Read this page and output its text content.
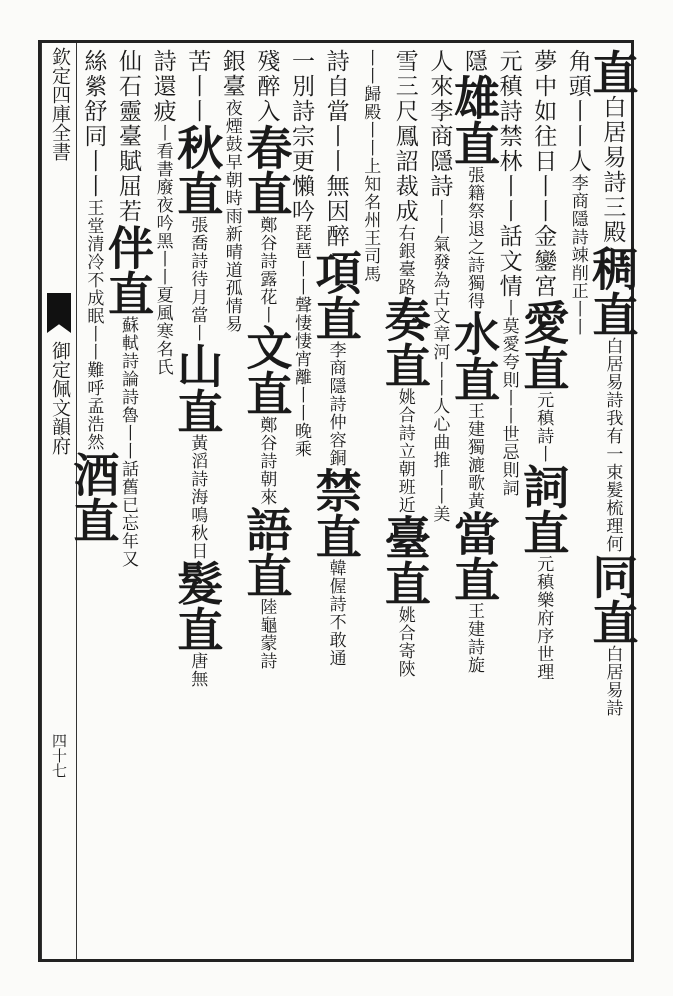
欽定四庫全書
御定佩文韻府
四十七
直白居易詩三殿稠直白居易詩我有一束髮梳理何同直白居易詩
角頭丨丨人李商隱詩竦削正丨丨
夢中如往日丨丨金鑾宮愛直元稹詩丨詞直元稹樂府序世理
元稹詩禁林丨丨話文情丨莫愛夸則丨丨世忌則詞
隱雄直張籍祭退之詩獨得水直王建獨漉歌黃當直王建詩旋
人來李商隱詩丨丨氣發為古文章河丨丨人心曲推丨丨美
雪三尺鳳詔裁成右銀臺路奏直姚合詩立朝班近臺直姚合寄陝
丨丨歸殿丨丨上知名州王司馬
詩自當丨丨無因醉項直李商隱詩仲容銅禁直韓偓詩不敢通
一別詩宗更懶吟琵琶丨丨聲悽悽宵離丨丨晚乘
殘醉入春直鄭谷詩露花丨文直鄭谷詩朝來語直陸龜蒙詩
銀臺夜煙鼓早朝時雨新晴道孤情易
苦丨丨秋直張喬詩待月當丨山直黃滔詩海鳴秋日髮直唐無
詩還疲丨看書廢夜吟黑丨丨夏風寒名氏
仙石靈臺賦屈若伴直蘇軾詩論詩魯丨丨話舊已忘年又
絲縈舒同丨丨王堂清冷不成眠丨丨難呼孟浩然酒直
